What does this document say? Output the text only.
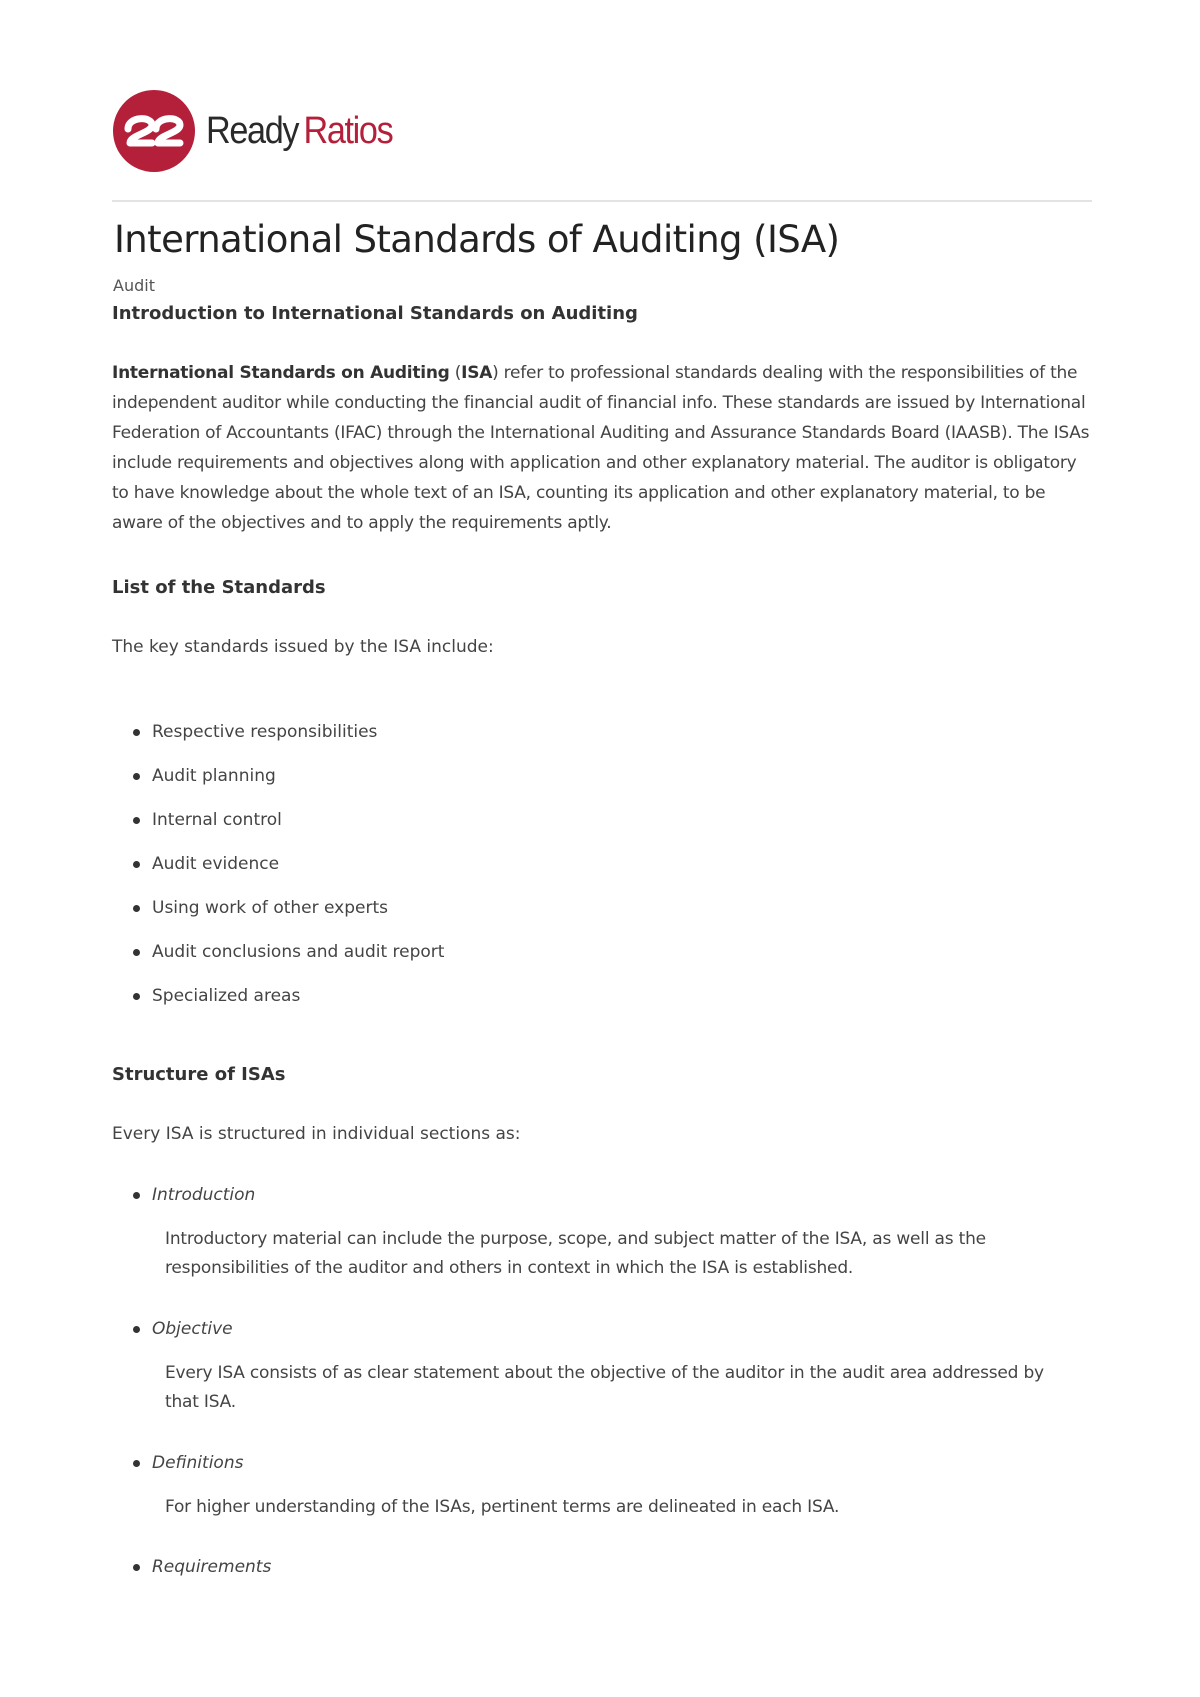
Ready Ratios
International Standards of Auditing (ISA)
Audit
Introduction to International Standards on Auditing
International Standards on Auditing (ISA) refer to professional standards dealing with the responsibilities of the independent auditor while conducting the financial audit of financial info. These standards are issued by International Federation of Accountants (IFAC) through the International Auditing and Assurance Standards Board (IAASB). The ISAs include requirements and objectives along with application and other explanatory material. The auditor is obligatory to have knowledge about the whole text of an ISA, counting its application and other explanatory material, to be aware of the objectives and to apply the requirements aptly.
List of the Standards
The key standards issued by the ISA include:
Respective responsibilities
Audit planning
Internal control
Audit evidence
Using work of other experts
Audit conclusions and audit report
Specialized areas
Structure of ISAs
Every ISA is structured in individual sections as:
Introduction
Introductory material can include the purpose, scope, and subject matter of the ISA, as well as the responsibilities of the auditor and others in context in which the ISA is established.
Objective
Every ISA consists of as clear statement about the objective of the auditor in the audit area addressed by that ISA.
Definitions
For higher understanding of the ISAs, pertinent terms are delineated in each ISA.
Requirements
